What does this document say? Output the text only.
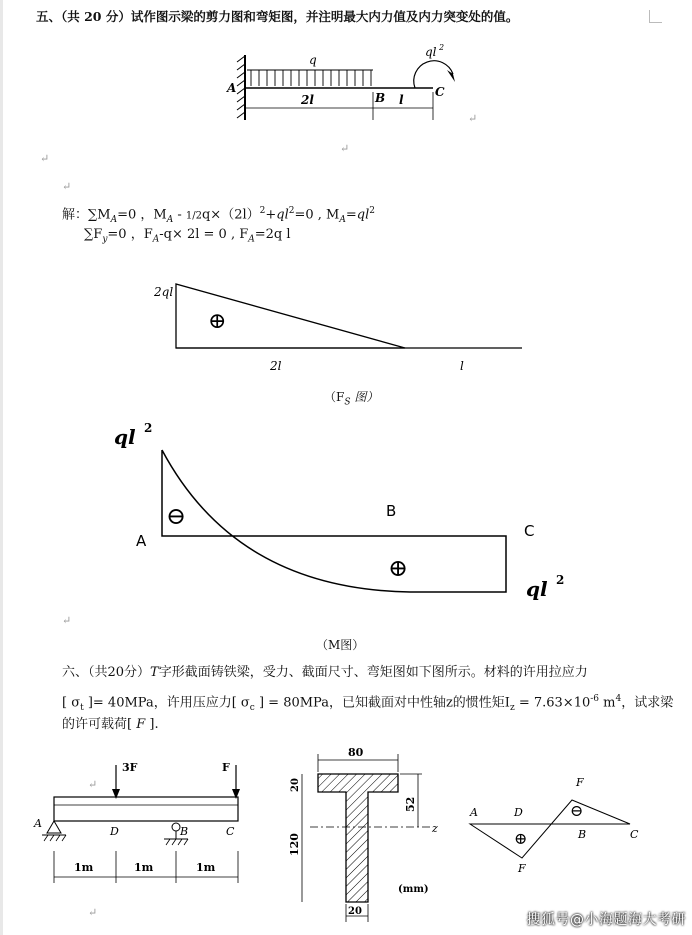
五、（共 20 分）试作图示梁的剪力图和弯矩图，并注明最大内力值及内力突变处的值。
q
ql 2
A
B	C
2l	l
↵
↵
↵
↵
解：$\sum M_A=0$ ，$M_A - 1/2q\times(2l)^2+ql^2=0$ , $M_A=ql^2$
$\sum F_y=0$ ，$F_A-q\times 2l = 0$ , $F_A=2q$ l
2ql
⊕
2l	l
（$F_S$ 图）
ql 2
A
B
C
⊖
⊕
ql 2
↵
（M图）
六、（共20分）T字形截面铸铁梁，受力、截面尺寸、弯矩图如下图所示。材料的许用拉应力
[ $\sigma_t$ ]= 40MPa，许用压应力[ $\sigma_c$ ] = 80MPa，已知截面对中性轴z的惯性矩$I_z = 7.63\times 10^{-6}$ $m^4$，试求梁
的许可载荷[ F ].
3F	F
A
D	B	C
1m	1m	1m
↵
↵
80
20
120
z
52
20
(mm)
A	D
B	C
F
F
⊖
⊕
搜狐号@小海题海大考研
